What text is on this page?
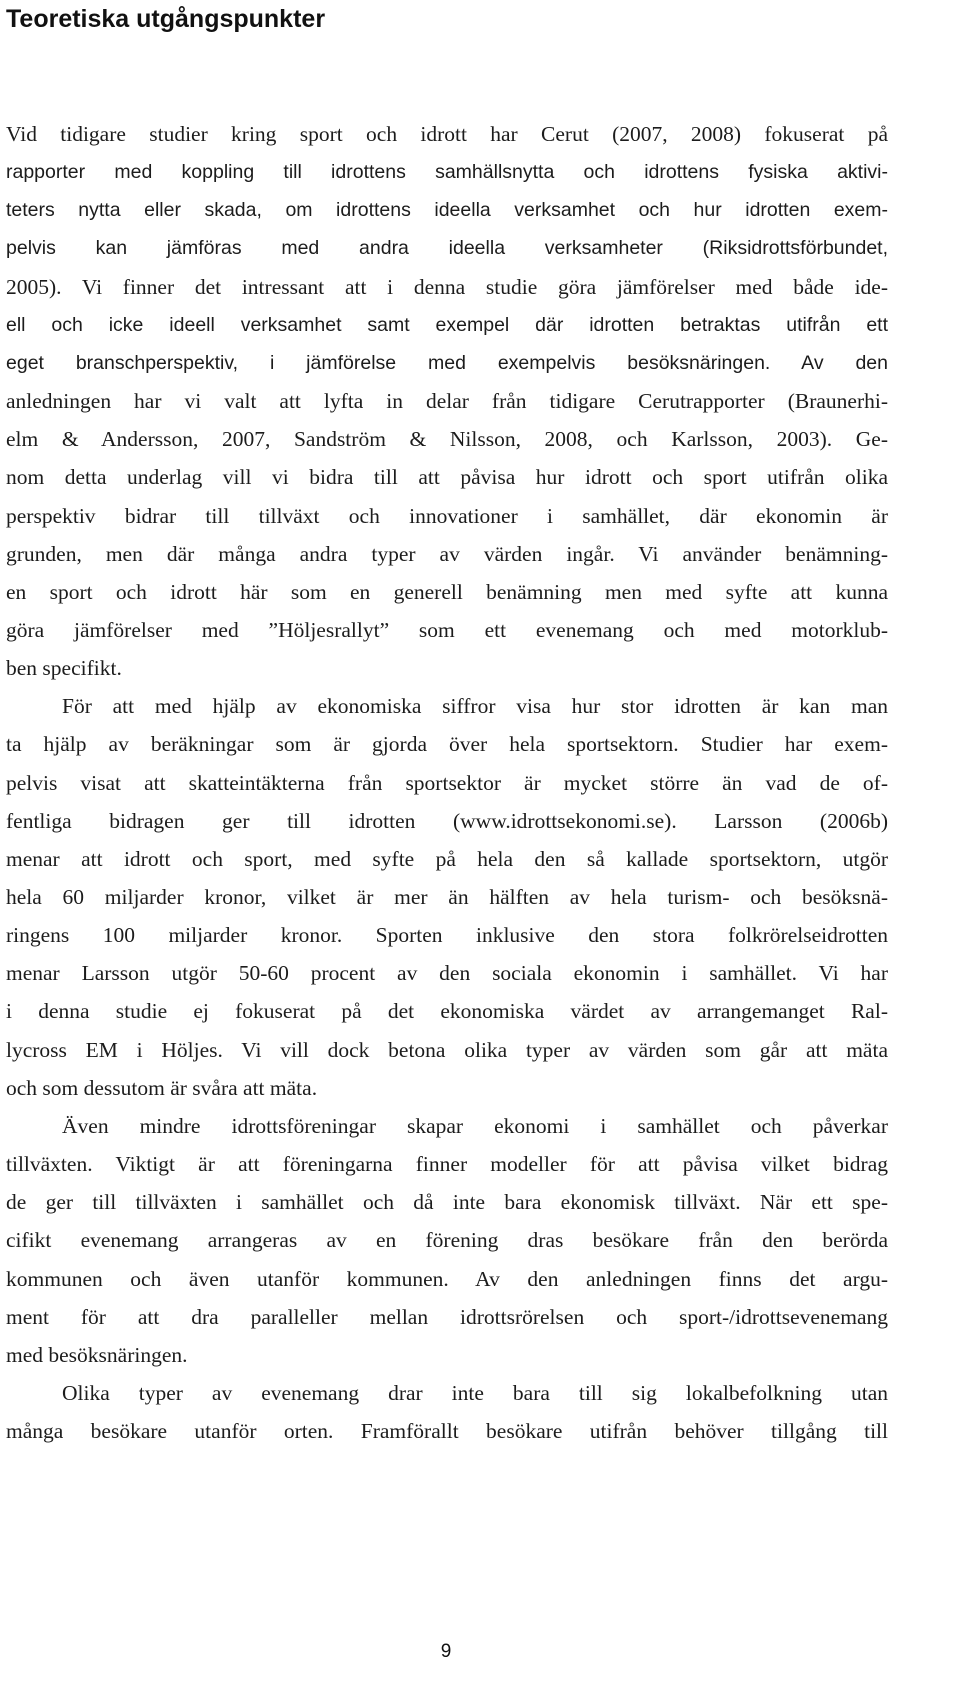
Teoretiska utgångspunkter
Vid tidigare studier kring sport och idrott har Cerut (2007, 2008) fokuserat på
rapporter med koppling till idrottens samhällsnytta och idrottens fysiska aktivi-
teters nytta eller skada, om idrottens ideella verksamhet och hur idrotten exem-
pelvis kan jämföras med andra ideella verksamheter (Riksidrottsförbundet,
2005). Vi finner det intressant att i denna studie göra jämförelser med både ide-
ell och icke ideell verksamhet samt exempel där idrotten betraktas utifrån ett
eget branschperspektiv, i jämförelse med exempelvis besöksnäringen. Av den
anledningen har vi valt att lyfta in delar från tidigare Cerutrapporter (Braunerhi-
elm & Andersson, 2007, Sandström & Nilsson, 2008, och Karlsson, 2003). Ge-
nom detta underlag vill vi bidra till att påvisa hur idrott och sport utifrån olika
perspektiv bidrar till tillväxt och innovationer i samhället, där ekonomin är
grunden, men där många andra typer av värden ingår. Vi använder benämning-
en sport och idrott här som en generell benämning men med syfte att kunna
göra jämförelser med ”Höljesrallyt” som ett evenemang och med motorklub-
ben specifikt.
För att med hjälp av ekonomiska siffror visa hur stor idrotten är kan man
ta hjälp av beräkningar som är gjorda över hela sportsektorn. Studier har exem-
pelvis visat att skatteintäkterna från sportsektor är mycket större än vad de of-
fentliga bidragen ger till idrotten (www.idrottsekonomi.se). Larsson (2006b)
menar att idrott och sport, med syfte på hela den så kallade sportsektorn, utgör
hela 60 miljarder kronor, vilket är mer än hälften av hela turism- och besöksnä-
ringens 100 miljarder kronor. Sporten inklusive den stora folkrörelseidrotten
menar Larsson utgör 50-60 procent av den sociala ekonomin i samhället. Vi har
i denna studie ej fokuserat på det ekonomiska värdet av arrangemanget Ral-
lycross EM i Höljes. Vi vill dock betona olika typer av värden som går att mäta
och som dessutom är svåra att mäta.
Även mindre idrottsföreningar skapar ekonomi i samhället och påverkar
tillväxten. Viktigt är att föreningarna finner modeller för att påvisa vilket bidrag
de ger till tillväxten i samhället och då inte bara ekonomisk tillväxt. När ett spe-
cifikt evenemang arrangeras av en förening dras besökare från den berörda
kommunen och även utanför kommunen. Av den anledningen finns det argu-
ment för att dra paralleller mellan idrottsrörelsen och sport-/idrottsevenemang
med besöksnäringen.
Olika typer av evenemang drar inte bara till sig lokalbefolkning utan
många besökare utanför orten. Framförallt besökare utifrån behöver tillgång till
9
